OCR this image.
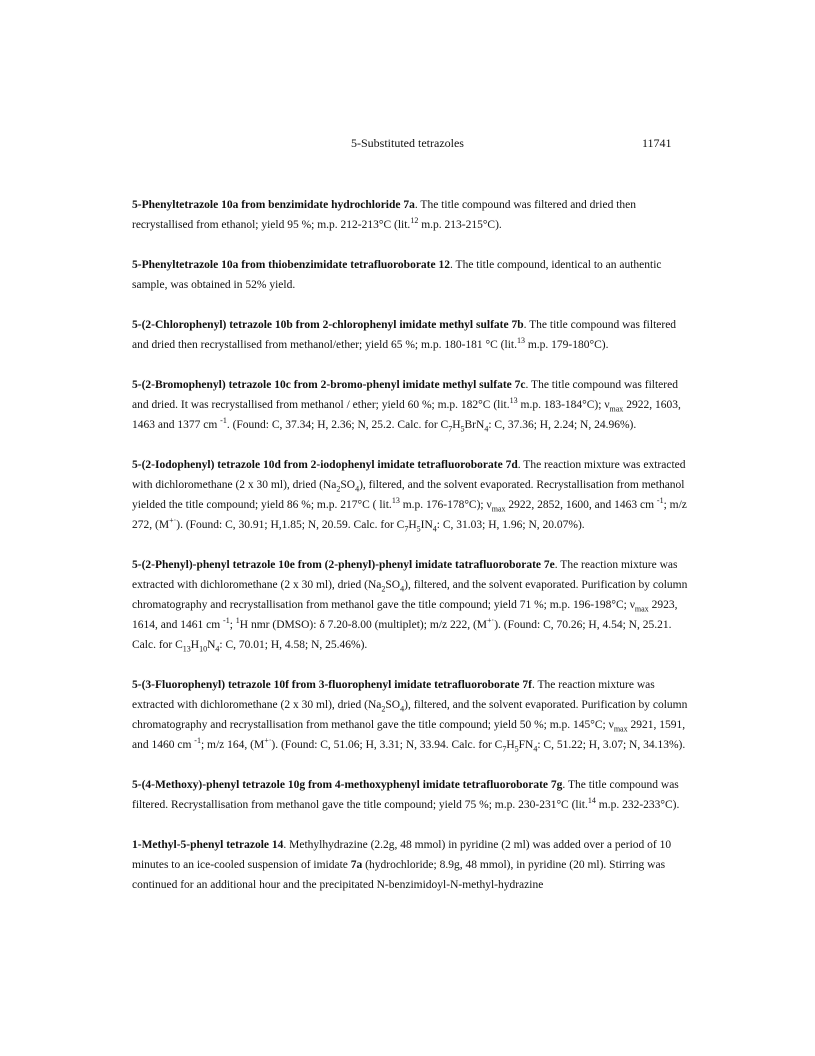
5-Substituted tetrazoles	11741

5-Phenyltetrazole 10a from benzimidate hydrochloride 7a. The title compound was filtered and dried then recrystallised from ethanol; yield 95 %; m.p. 212-213°C (lit.$^{12}$ m.p. 213-215°C).

5-Phenyltetrazole 10a from thiobenzimidate tetrafluoroborate 12. The title compound, identical to an authentic sample, was obtained in 52% yield.

5-(2-Chlorophenyl) tetrazole 10b from 2-chlorophenyl imidate methyl sulfate 7b. The title compound was filtered and dried then recrystallised from methanol/ether; yield 65 %; m.p. 180-181 °C (lit.$^{13}$ m.p. 179-180°C).

5-(2-Bromophenyl) tetrazole 10c from 2-bromo-phenyl imidate methyl sulfate 7c. The title compound was filtered and dried. It was recrystallised from methanol / ether; yield 60 %; m.p. 182°C (lit.$^{13}$ m.p. 183-184°C); $\nu_{max}$ 2922, 1603, 1463 and 1377 cm $^{-1}$. (Found: C, 37.34; H, 2.36; N, 25.2. Calc. for $C_7H_5BrN_4$: C, 37.36; H, 2.24; N, 24.96%).

5-(2-Iodophenyl) tetrazole 10d from 2-iodophenyl imidate tetrafluoroborate 7d. The reaction mixture was extracted with dichloromethane (2 x 30 ml), dried $(Na_2SO_4)$, filtered, and the solvent evaporated. Recrystallisation from methanol yielded the title compound; yield 86 %; m.p. 217°C ( lit.$^{13}$ m.p. 176-178°C); $\nu_{max}$ 2922, 2852, 1600, and 1463 cm $^{-1}$; m/z 272, (M+·). (Found: C, 30.91; H,1.85; N, 20.59. Calc. for $C_7H_5IN_4$: C, 31.03; H, 1.96; N, 20.07%).

5-(2-Phenyl)-phenyl tetrazole 10e from (2-phenyl)-phenyl imidate tatrafluoroborate 7e. The reaction mixture was extracted with dichloromethane (2 x 30 ml), dried $(Na_2SO_4)$, filtered, and the solvent evaporated. Purification by column chromatography and recrystallisation from methanol gave the title compound; yield 71 %; m.p. 196-198°C; $\nu_{max}$ 2923, 1614, and 1461 cm $^{-1}$; $^1$H nmr (DMSO): δ 7.20-8.00 (multiplet); m/z 222, (M+·). (Found: C, 70.26; H, 4.54; N, 25.21. Calc. for $C_{13}H_{10}N_4$: C, 70.01; H, 4.58; N, 25.46%).

5-(3-Fluorophenyl) tetrazole 10f from 3-fluorophenyl imidate tetrafluoroborate 7f. The reaction mixture was extracted with dichloromethane (2 x 30 ml), dried $(Na_2SO_4)$, filtered, and the solvent evaporated. Purification by column chromatography and recrystallisation from methanol gave the title compound; yield 50 %; m.p. 145°C; $\nu_{max}$ 2921, 1591, and 1460 cm $^{-1}$; m/z 164, (M+·). (Found: C, 51.06; H, 3.31; N, 33.94. Calc. for $C_7H_5FN_4$: C, 51.22; H, 3.07; N, 34.13%).

5-(4-Methoxy)-phenyl tetrazole 10g from 4-methoxyphenyl imidate tetrafluoroborate 7g. The title compound was filtered. Recrystallisation from methanol gave the title compound; yield 75 %; m.p. 230-231°C (lit.$^{14}$ m.p. 232-233°C).

1-Methyl-5-phenyl tetrazole 14. Methylhydrazine (2.2g, 48 mmol) in pyridine (2 ml) was added over a period of 10 minutes to an ice-cooled suspension of imidate 7a (hydrochloride; 8.9g, 48 mmol), in pyridine (20 ml). Stirring was continued for an additional hour and the precipitated N-benzimidoyl-N-methyl-hydrazine
